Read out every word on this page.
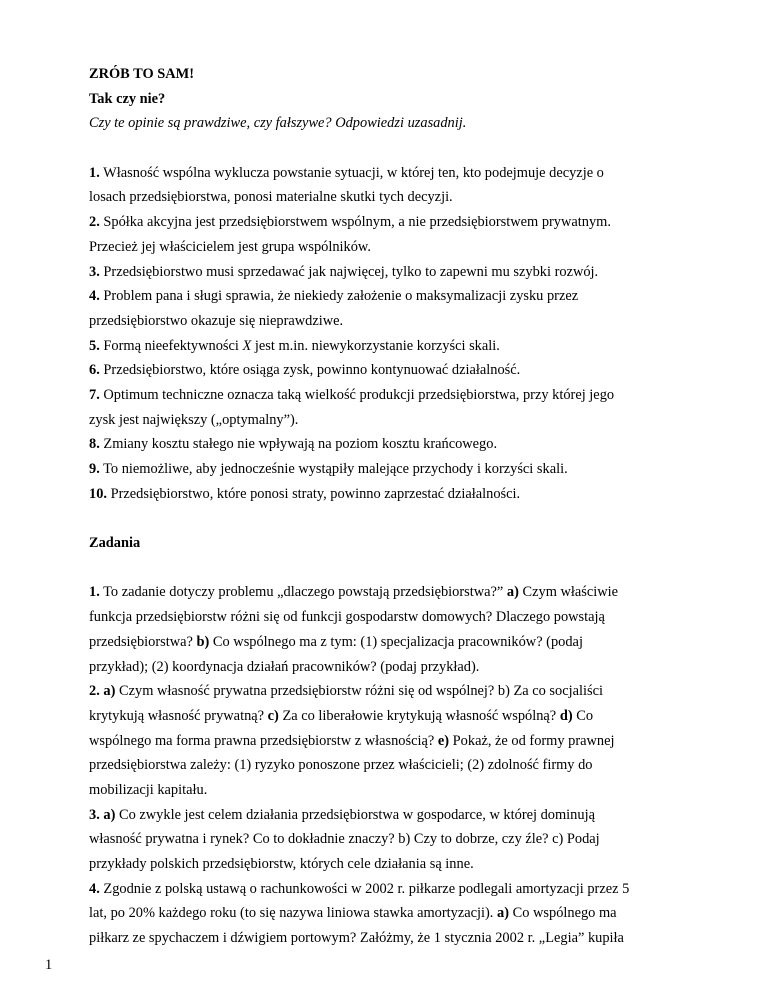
ZRÓB TO SAM!
Tak czy nie?
Czy te opinie są prawdziwe, czy fałszywe? Odpowiedzi uzasadnij.
1. Własność wspólna wyklucza powstanie sytuacji, w której ten, kto podejmuje decyzje o
losach przedsiębiorstwa, ponosi materialne skutki tych decyzji.
2. Spółka akcyjna jest przedsiębiorstwem wspólnym, a nie przedsiębiorstwem prywatnym.
Przecież jej właścicielem jest grupa wspólników.
3. Przedsiębiorstwo musi sprzedawać jak najwięcej, tylko to zapewni mu szybki rozwój.
4. Problem pana i sługi sprawia, że niekiedy założenie o maksymalizacji zysku przez
przedsiębiorstwo okazuje się nieprawdziwe.
5. Formą nieefektywności X jest m.in. niewykorzystanie korzyści skali.
6. Przedsiębiorstwo, które osiąga zysk, powinno kontynuować działalność.
7. Optimum techniczne oznacza taką wielkość produkcji przedsiębiorstwa, przy której jego
zysk jest największy („optymalny”).
8. Zmiany kosztu stałego nie wpływają na poziom kosztu krańcowego.
9. To niemożliwe, aby jednocześnie wystąpiły malejące przychody i korzyści skali.
10. Przedsiębiorstwo, które ponosi straty, powinno zaprzestać działalności.
Zadania
1. To zadanie dotyczy problemu „dlaczego powstają przedsiębiorstwa?” a) Czym właściwie
funkcja przedsiębiorstw różni się od funkcji gospodarstw domowych? Dlaczego powstają
przedsiębiorstwa? b) Co wspólnego ma z tym: (1) specjalizacja pracowników? (podaj
przykład); (2) koordynacja działań pracowników? (podaj przykład).
2. a) Czym własność prywatna przedsiębiorstw różni się od wspólnej? b) Za co socjaliści
krytykują własność prywatną? c) Za co liberałowie krytykują własność wspólną? d) Co
wspólnego ma forma prawna przedsiębiorstw z własnością? e) Pokaż, że od formy prawnej
przedsiębiorstwa zależy: (1) ryzyko ponoszone przez właścicieli; (2) zdolność firmy do
mobilizacji kapitału.
3. a) Co zwykle jest celem działania przedsiębiorstwa w gospodarce, w której dominują
własność prywatna i rynek? Co to dokładnie znaczy? b) Czy to dobrze, czy źle? c) Podaj
przykłady polskich przedsiębiorstw, których cele działania są inne.
4. Zgodnie z polską ustawą o rachunkowości w 2002 r. piłkarze podlegali amortyzacji przez 5
lat, po 20% każdego roku (to się nazywa liniowa stawka amortyzacji). a) Co wspólnego ma
piłkarz ze spychaczem i dźwigiem portowym? Załóżmy, że 1 stycznia 2002 r. „Legia” kupiła
1
